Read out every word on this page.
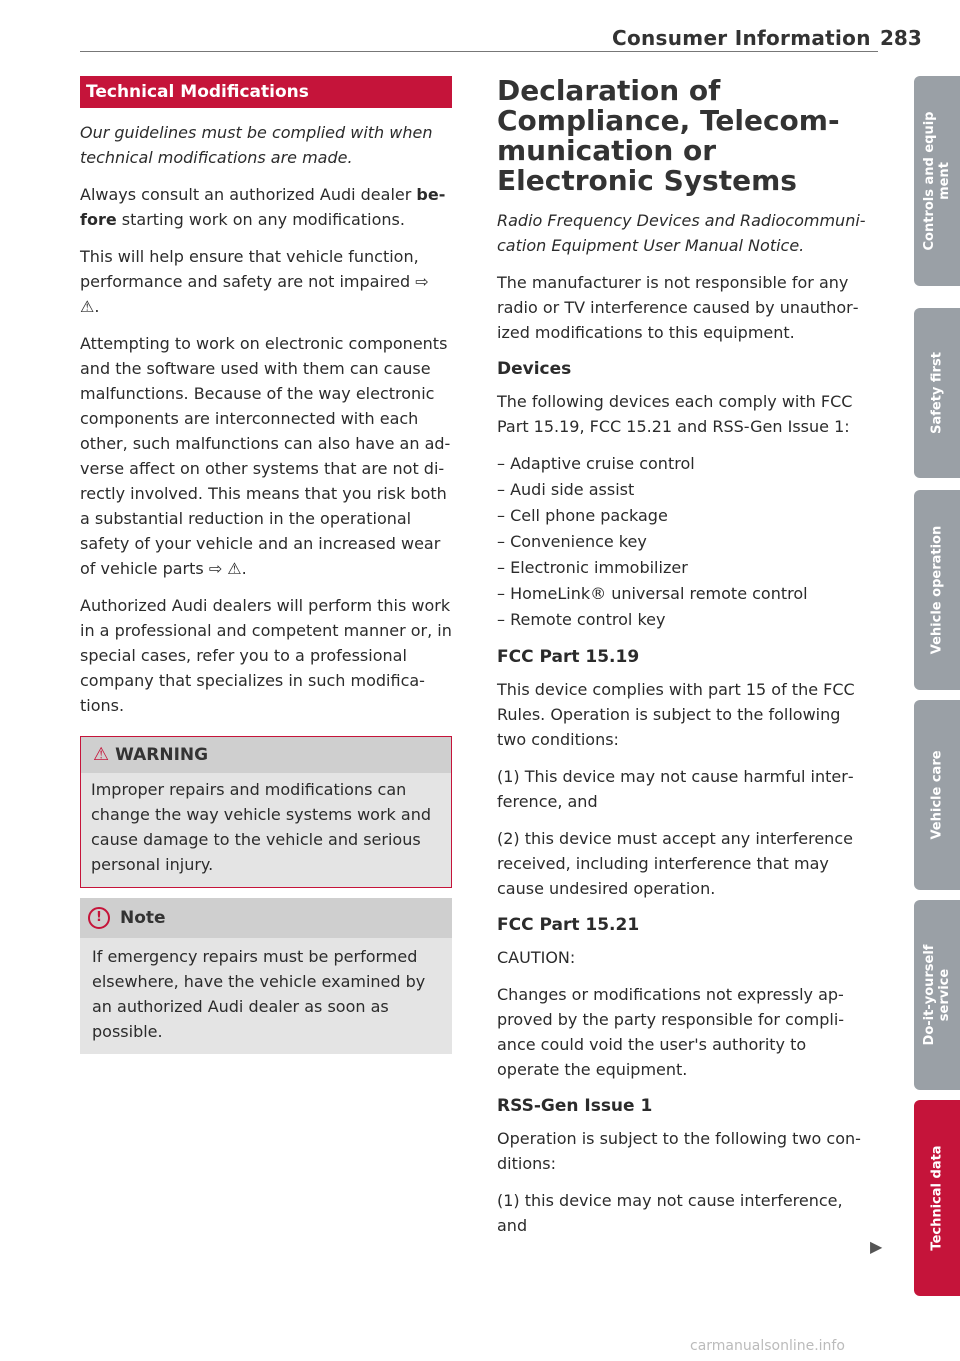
Consumer Information 283
Technical Modifications

Our guidelines must be complied with when technical modifications are made.

Always consult an authorized Audi dealer before starting work on any modifications.

This will help ensure that vehicle function, performance and safety are not impaired ⇨ ⚠.

Attempting to work on electronic components and the software used with them can cause malfunctions. Because of the way electronic components are interconnected with each other, such malfunctions can also have an adverse affect on other systems that are not directly involved. This means that you risk both a substantial reduction in the operational safety of your vehicle and an increased wear of vehicle parts ⇨ ⚠.

Authorized Audi dealers will perform this work in a professional and competent manner or, in special cases, refer you to a professional company that specializes in such modifications.

⚠ WARNING
Improper repairs and modifications can change the way vehicle systems work and cause damage to the vehicle and serious personal injury.
! Note
If emergency repairs must be performed elsewhere, have the vehicle examined by an authorized Audi dealer as soon as possible.
Declaration of Compliance, Telecommunication or Electronic Systems

Radio Frequency Devices and Radiocommunication Equipment User Manual Notice.

The manufacturer is not responsible for any radio or TV interference caused by unauthorized modifications to this equipment.

Devices

The following devices each comply with FCC Part 15.19, FCC 15.21 and RSS-Gen Issue 1:

– Adaptive cruise control
– Audi side assist
– Cell phone package
– Convenience key
– Electronic immobilizer
– HomeLink® universal remote control
– Remote control key
FCC Part 15.19

This device complies with part 15 of the FCC Rules. Operation is subject to the following two conditions:

(1) This device may not cause harmful interference, and

(2) this device must accept any interference received, including interference that may cause undesired operation.

FCC Part 15.21

CAUTION:

Changes or modifications not expressly approved by the party responsible for compliance could void the user's authority to operate the equipment.

RSS-Gen Issue 1

Operation is subject to the following two conditions:

(1) this device may not cause interference, and

▶
Controls and equip
ment
Safety first
Vehicle operation
Vehicle care
Do-it-yourself
service
Technical data
carmanualsonline.info
